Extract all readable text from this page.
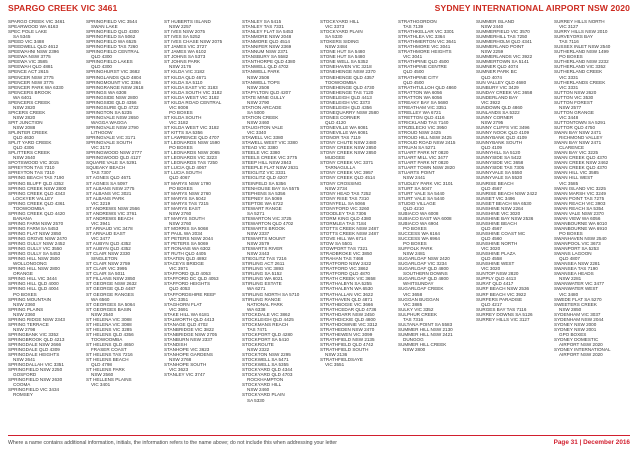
SPARGO CREEK VIC 3461	SYDNEY INTERNATIONAL AIRPORT NSW 2020
SPARGO CREEK VIC 3461
SPEARWOOD WA 6163
SPEC POLE LAKE
SA 5345
SPEED VIC 3488
SPEEDWELL QLD 4612
SPEEWAHNI NSW 2396
SPEEWA NSW 3775
SPEEWA VIC 3585
SPEEWAH QLD 4881
SPENCE ACT 2615
SPENCER NSW 2775
SPENCER NSW 3775
SPENCER PARK WA 6330
SPENCERS BROOK
WA 6401
SPENCERS CREEK
NSW 2820
SPICERS CREEK
NSW 2820
SPIT JUNCTION
NSW 2088
SPLINTER CREEK
QLD 4630
SPLIT YARD CREEK
QLD 4306
SPLITTERS CREEK
NSW 2640
SPOTSWOOD VIC 3015
SPREYTON TAS 7310
SPREYTON TAS 7310
SPRING BEACH TAS 7190
SPRING BLUFF QLD 4352
SPRING CREEK NSW 2800
SPRING CREEK QLD 4343
LOCKYER VALLEY
SPRING CREEK QLD 4361
TOOWOOMBA
SPRING CREEK QLD 4420
BANANA
SPRING FARM NSW 2570
SPRING FARM SA 5453
SPRING FLAT NSW 2850
SPRING GROVE NSW 2470
SPRING GULLY NSW 2452
SPRING GULLY VIC 3550
SPRING GULLY SA 5453
SPRING HILL NSW 2500
WOLLONGONG
SPRING HILL NSW 2800
ORANGE
SPRING HILL VIC 3444
SPRING HILL QLD 4000
SPRING HILL QLD 4004
PO BOXES
SPRING MOUNTAIN
NSW 2360
SPRING PLAINS
NSW 2360
SPRING RIDGE NSW 2343
SPRING TERRACE
NSW 2798
SPRINGBANK VIC 3352
SPRINGBROOK QLD 4213
SPRINGDALE NSW 2666
SPRINGDALE QLD 4309
SPRINGDALE HEIGHTS
NSW 2641
SPRINGDALLAH VIC 3351
SPRINGFIELD NSW 2250
GOSFORD
SPRINGFIELD NSW 2630
COOMA
SPRINGFIELD VIC 3434
ROMSEY
SPRINGFIELD VIC 3544
SWAN LAKE
SPRINGFIELD QLD 4300
SPRINGFIELD SA 5062
SPRINGFIELD WA 6525
SPRINGFIELD TAS 7260
SPRINGFIELD CENTRAL
QLD 4300
SPRINGFIELD LAKES
QLD 4300
SPRINGHURST VIC 3682
SPRINGLANDS QLD 4804
SPRINGMOUNT VIC 3364
SPRINGRANGE NSW 2618
SPRINGS WA 6308
SPRINGSIDE NSW 2800
SPRINGSIDE QLD 4356
SPRINGSURE QLD 4722
SPRINGTON SA 5235
SPRINGVALE NSW 2650
WAGGA WAGGA
SPRINGVALE NSW 2790
LITHGOW
SPRINGVALE VIC 3171
SPRINGVALE SOUTH
VIC 3172
SPRINGWOOD NSW 2777
SPRINGWOOD QLD 4127
SQUARE VALE SA 5291
SQUEAKY BEACH
TAS 7307
ST AGNES QLD 4671
ST AGNES SA 5097
ST ALBANS NSW 2775
ST ALBANS VIC 3021
ST ALBANS PARK
VIC 3219
ST ANDREWS NSW 2566
ST ANDREWS VIC 3761
ST ANDREWS BEACH
VIC 3941
ST ARNAUD VIC 3478
ST ARNAUD EAST
VIC 3477
ST AUBYN QLD 4352
ST AUBYN QLD 4352
ST CLAIR NSW 2330
SINGLETON
ST CLAIR NSW 2759
ST CLAIR VIC 3995
ST CLAIR SA 5011
ST FILLANS NSW 2850
ST GEORGE NSW 2632
ST GEORGE QLD 4487
ST GEORGE RANGES
WA 6560
ST GEORGES SA 5064
ST GEORGES BASIN
NSW 2540
ST HELENA VIC 3088
ST HELENA VIC 3088
ST HELENS VIC 3285
ST HELENS QLD 4356
TOOWOOMBA
ST HELENS QLD 4650
FRASER COAST
ST HELENS TAS 7216
ST HELENS BEACH
QLD 4798
ST HELENS PARK
NSW 2560
ST HELLENS PLAINS
VIC 3401
ST HUBERTS ISLAND
NSW 2257
ST IVES NSW 2075
ST IVES SA 5252
ST IVES CHASE NSW 2075
ST JAMES VIC 3727
ST JAMES WA 6102
ST JOHNS SA 5373
ST JOHNS PARK
NSW 2176
ST KILDA VIC 3182
ST KILDA QLD 4671
ST KILDA SA 5110
ST KILDA EAST VIC 3183
ST KILDA SOUTH VIC 3182
ST KILDA WEST VIC 3182
ST KILDA ROAD CENTRAL
VIC 8008
PO BOXES
ST KILDA SOUTH
VIC 3182
ST KILDA WEST VIC 3182
ST KITTS SA 5356
ST LAWRENCE QLD 4707
ST LEONARDS NSW 1590
PO BOXES
ST LEONARDS NSW 2065
ST LEONARDS VIC 3223
ST LEONARDS TAS 7250
ST LUCIA QLD 4067
ST LUCIA SOUTH
QLD 4067
ST MARYS NSW 1790
PO BOXES
ST MARYS NSW 2760
ST MARYS SA 5042
ST MARYS TAS 7215
ST MARYS EAST
NSW 2760
ST MARYS SOUTH
NSW 2760
ST MORRIS SA 5068
ST PAUL WA 2034
ST PETERS NSW 2044
ST PETERS SA 5069
ST RONANS WA 6302
ST RUTH QLD 4405
STAATEN QLD 4892
STACEYS BRIDGE
VIC 3971
STAFFORD QLD 4053
STAFFORD DC QLD 4053
STAFFORD HEIGHTS
QLD 4053
STAFFORDSHIRE REEF
VIC 3351
STAGHORN FLAT
VIC 3691
STAKE HILL WA 6181
STALWORTH QLD 4413
STANAGE QLD 4702
STANBRIDGE VIC 3822
STANBRIDGE NSW 2705
STANBURN NSW 2337
STANDISH
STANHOPE VIC 3623
STANHOPE GARDENS
NSW 2768
STANHOPE SOUTH
VIC 3623
STANLEY VIC 3747
STANLEY SA 5415
STANLEY TAS 7331
STANLEY FLAT SA 5453
STANMORE NSW 2048
STANMORE QLD 4514
STANNIFER NSW 2369
STANNUM NSW 2371
STANSBURY SA 5582
STANTHORPE QLD 4380
STANWELL QLD 4702
STANWELL PARK
NSW 2508
STANWELL TOPS
NSW 2508
STAPYLTON QLD 4207
STATE MINE GULLY
NSW 2790
STATION ARCADE
SA 5000
STATION CREEK
NSW 2460
STAUGHTON VALE
VIC 3340
STAWELL VIC 3380
STAWELL WEST VIC 3380
STEAD VIC 3380
STEELE VIC 3380
STEELS CREEK VIC 3775
STEEP HILL NSW 2843
STEEPLE FLAT NSW 2631
STEIGLITZ VIC 3331
STEIGLITZ QLD 4207
STEINFELD SA 5356
STENHOUSE BAY SA 5575
STEPHENS SA 5356
STEPNEY SA 5069
STEPTOE WA 6722
STEWART RANGE
SA 5271
STEWARTON VIC 3725
STEWARTON QLD 4702
STEWARTS BROOK
NSW 2337
STEWARTS MOUNT
NSW 2579
STEWARTS RIVER
NSW 2443
STIEGLITZ TAS 7216
STIRLING ACT 2611
STIRLING VIC 3893
STIRLING SA 5152
STIRLING WA 6021
STIRLING ESTATE
WA 6271
STIRLING NORTH SA 5710
STIRLING RANGE
NATIONAL PARK
WA 6338
STOCKDALE VIC 3862
STOCKLEIGH QLD 4425
STOCKMANS REACH
TAS 7471
STOCKPORT QLD 4280
STOCKPORT SA 5410
STOCKROUTE
NSW 2322
STOCKTON NSW 2295
STOCKWELL SA 5471
STOCKWELL SA 5355
STOCKYARD QLD 4344
STOCKYARD QLD 4703
ROCKHAMPTON
STOCKYARD HILL
NSW 2460
STOCKYARD PLAIN
SA 5330
STOCKYARD HILL
VIC 3373
STOCKYARD PLAIN
SA 5330
STOKERS SIDING
NSW 2484
STONE HUT SA 5480
STONE HUT SA 5480
STONE WELL SA 5352
STONEHAVEN VIC 3218
STONEHENGE NSW 2370
STONEHENGE QLD 4357
TOOWOOMBA
STONEHENGE QLD 4730
STONEHENGE TAS 7120
STONELEIGH QLD 4413
STONELEIGH VIC 3373
STONELEIGH QLD 4356
STONEQUARRY NSW 2580
STONES CORNER
QLD 4120
STONEVILLE WA 6081
STONEVILLE WA 6081
STONOR TAS 7119
STONY CHUTE NSW 2480
STONY CREEK NSW 2850
STONY CREEK NSW 2850
MUDGEE
STONY CREEK VIC 3371
TARNAGULLA
STONY CREEK VIC 3957
STONY CREEK QLD 4514
STONY CROSSING
NSW 2734
STONY HEAD TAS 7252
STONY RISE TAS 7310
STONYFELL SA 5066
STONYFORD VIC 3260
STOODLEY TAS 7306
STORM KING QLD 4380
STORMLEA TAS 7184
STOTTS CREEK NSW 2487
STOTTS CREEK NSW 2487
STOVE HILL WA 6714
STOW SA 5501
STOWPORT TAS 7321
STRADBROKE VIC 3850
STRAHAN TAS 7468
STRATFORD NSW 2422
STRATFORD VIC 3862
STRATFORD QLD 4870
STRATH CREEK VIC 3658
STRATHALBYN SA 5255
STRATHALBYN WA 6530
STRATHALLAN VIC 3622
STRATHAVEN QLD 4871
STRATHBOGIE VIC 3666
STRATHCEDAR QLD 4736
STRATHDARR NSW 2450
STRATHDICKIE QLD 4800
STRATHDOWNIE VIC 3312
STRATHEDEN NSW 2470
STRATHEWEN VIC 3099
STRATHFIELD NSW 2135
STRATHFIELD QLD 4742
STRATHFIELD SOUTH
NSW 2136
STRATHFIELDSAYE
VIC 3551
STRATHGORDON
TAS 7139
STRATHKELLAR VIC 3301
STRATHLEA VIC 3364
STRATHMERTON VIC 3641
STRATHMORE VIC 3041
STRATHMORE HEIGHTS
VIC 3041
STRATHPINE QLD 4500
STRATHPINE CENTRE
QLD 4500
STRATHPINE CITY
QLD 4500
STRATHTULLOH QLD 4860
STRATTON WA 6056
STRATTON WA 6056
STREAKY BAY SA 5680
STREATHAM VIC 3351
STRELLEY WA 6721
STRETTON QLD 4116
STRICKLAND TAS 7140
STRZELECKI VIC 3950
STROUD NSW 2425
STROUD HILL NSW 2425
STROUD ROAD NSW 2415
STRUAN SA 5271
STUART PARK NT 0820
STUART MILL VIC 3477
STUART PARK NT 0820
STUART TOWN NSW 2820
STUARTS POINT
NSW 2441
STUDLEY PARK VIC 3101
STURT SA 5047
STURT VALE SA 5440
STURT VALE SA 5440
STUDIO VILLAGE
QLD 4210
SUBIACO WA 6008
SUBIACO EAST WA 6008
SUBIACO WA 6904
PO BOXES
SUCCESS WA 6164
SUCCESS WA 6964
PO BOXES
SUFFOLK PARK
NSW 2481
SUGARLOAF NSW 2420
SUGARLOAF VIC 3234
SUGARLOAF QLD 4800
SOUTHERN DOWNS
SUGARLOAF QLD 4800
WHITSUNDAY
SUGARLOAF CREEK
VIC 3658
SUGGAN BUGGAN
VIC 3885
SULKY VIC 3352
SULPHUR CREEK
TAS 7316
SULTANA POINT SA 5583
SUMMER HILL NSW 2130
SUMMER HILL NSW 2421
DUNGOG
SUMMER HILL CREEK
NSW 2800
SUMMER ISLAND
NSW 2440
SUMMERFIELD VIC 3570
SUMMERHILL TAS 7250
SUMMERHOLM QLD 4341
SUMMERLAND POINT
NSW 2259
SUMMERLANDS VIC 3922
SUMMERTOWN SA 5141
SUMNER QLD 4074
SUMNER PARK BC
QLD 4074
SUN VALLEY QLD 4680
SUNBURY VIC 3429
SUNDAY CREEK VIC 3658
SUNDERLAND BAY
VIC 3922
SUNDOWN QLD 4860
SUNLANDS SA 5322
SUNNY CORNER
NSW 2795
SUNNY CLIFFS VIC 3496
SUNNY NOOK QLD 4109
SUNNYBANK QLD 4109
SUNNYBANK SOUTH
QLD 4109
SUNNYHILL SA 5120
SUNNYSIDE SA 5422
SUNNYSIDE VIC 3658
SUNNYSIDE TAS 7305
SUNNYVALE SA 5550
SUNNYVALE SA 5520
SUNRISE BEACH
QLD 4567
SUNRISE BEACH NSW 2422
SUNSET VIC 3496
SUNSET BEACH WA 6530
SUNSHINE NSW 2264
SUNSHINE VIC 3020
SUNSHINE BAY NSW 2536
SUNSHINE BEACH
QLD 4567
SUNSHINE COAST MC
QLD 4560
SUNSHINE NORTH
VIC 3020
SUNSHINE PLAZA
QLD 4558
SUNSHINE WEST
VIC 3020
SUNTOP NSW 2820
SUPPLY QLD 4413
SURAT QLD 4417
SURF BEACH NSW 2536
SURF BEACH VIC 3922
SURFERS PARADISE
QLD 4217
SURGES BAY TAS 7116
SURREY DOWNS SA 5126
SURREY HILLS VIC 3127
SURREY HILLS NORTH
VIC 3127
SURRY HILLS NSW 2010
SURVEYORS BAY
TAS 7116
SUSSEX INLET NSW 2540
SUTHERLAND NSW 1499
PO BOXES
SUTHERLAND NSW 2232
SUTHERLAND VIC 3352
SUTHERLAND CREEK
VIC 3331
SUTHERLANDS CREEK
VIC 3331
SUTTON NSW 2620
SUTTON VIC 3530
SUTTON FOREST
NSW 2577
SUTTON GRANGE
VIC 3448
SUTTONTOWN SA 5291
SUTTOR QLD 4750
SWAN BAY NSW 2471
RICHMOND VALLEY
SWAN BAY NSW 2471
CLARENCE
SWAN BAY VIC 3225
SWAN CREEK QLD 4370
SWAN CREEK NSW 2462
SWAN CREEK QLD 4370
SWAN HILL VIC 3585
SWAN HILL WEST
VIC 3585
SWAN ISLAND VIC 3225
SWAN MARSH VIC 3249
SWAN POINT TAS 7275
SWAN REACH VIC 3903
SWAN REACH SA 5354
SWAN VALE NSW 2370
SWAN VIEW WA 6056
SWANBOURNE WA 6010
SWANBOURNE WA 6910
PO BOXES
SWANHAVEN NSW 2540
SWANPOOL VIC 3673
SWANPORT SA 5253
SWANS LAGOON
QLD 4807
SWANSEA NSW 2281
SWANSEA TAS 7190
SWANSEA HEADS
NSW 2281
SWANWATER VIC 3477
SWANWATER WEST
VIC 3480
SWEDE FLAT SA 5270
SWEETERS CREEK
NSW 2850
SYDENHAM VIC 3037
SYDENHAM NSW 2044
SYDNEY NSW 2000
SYDNEY NSW 2001
GPO BOXES
SYDNEY DOMESTIC
AIRPORT NSW 2020
SYDNEY INTERNATIONAL
AIRPORT NSW 2020
Where a name contains additional information, initials, the information refers to the name above; do not include this when addressing your letter	Page 31 | December 2016
